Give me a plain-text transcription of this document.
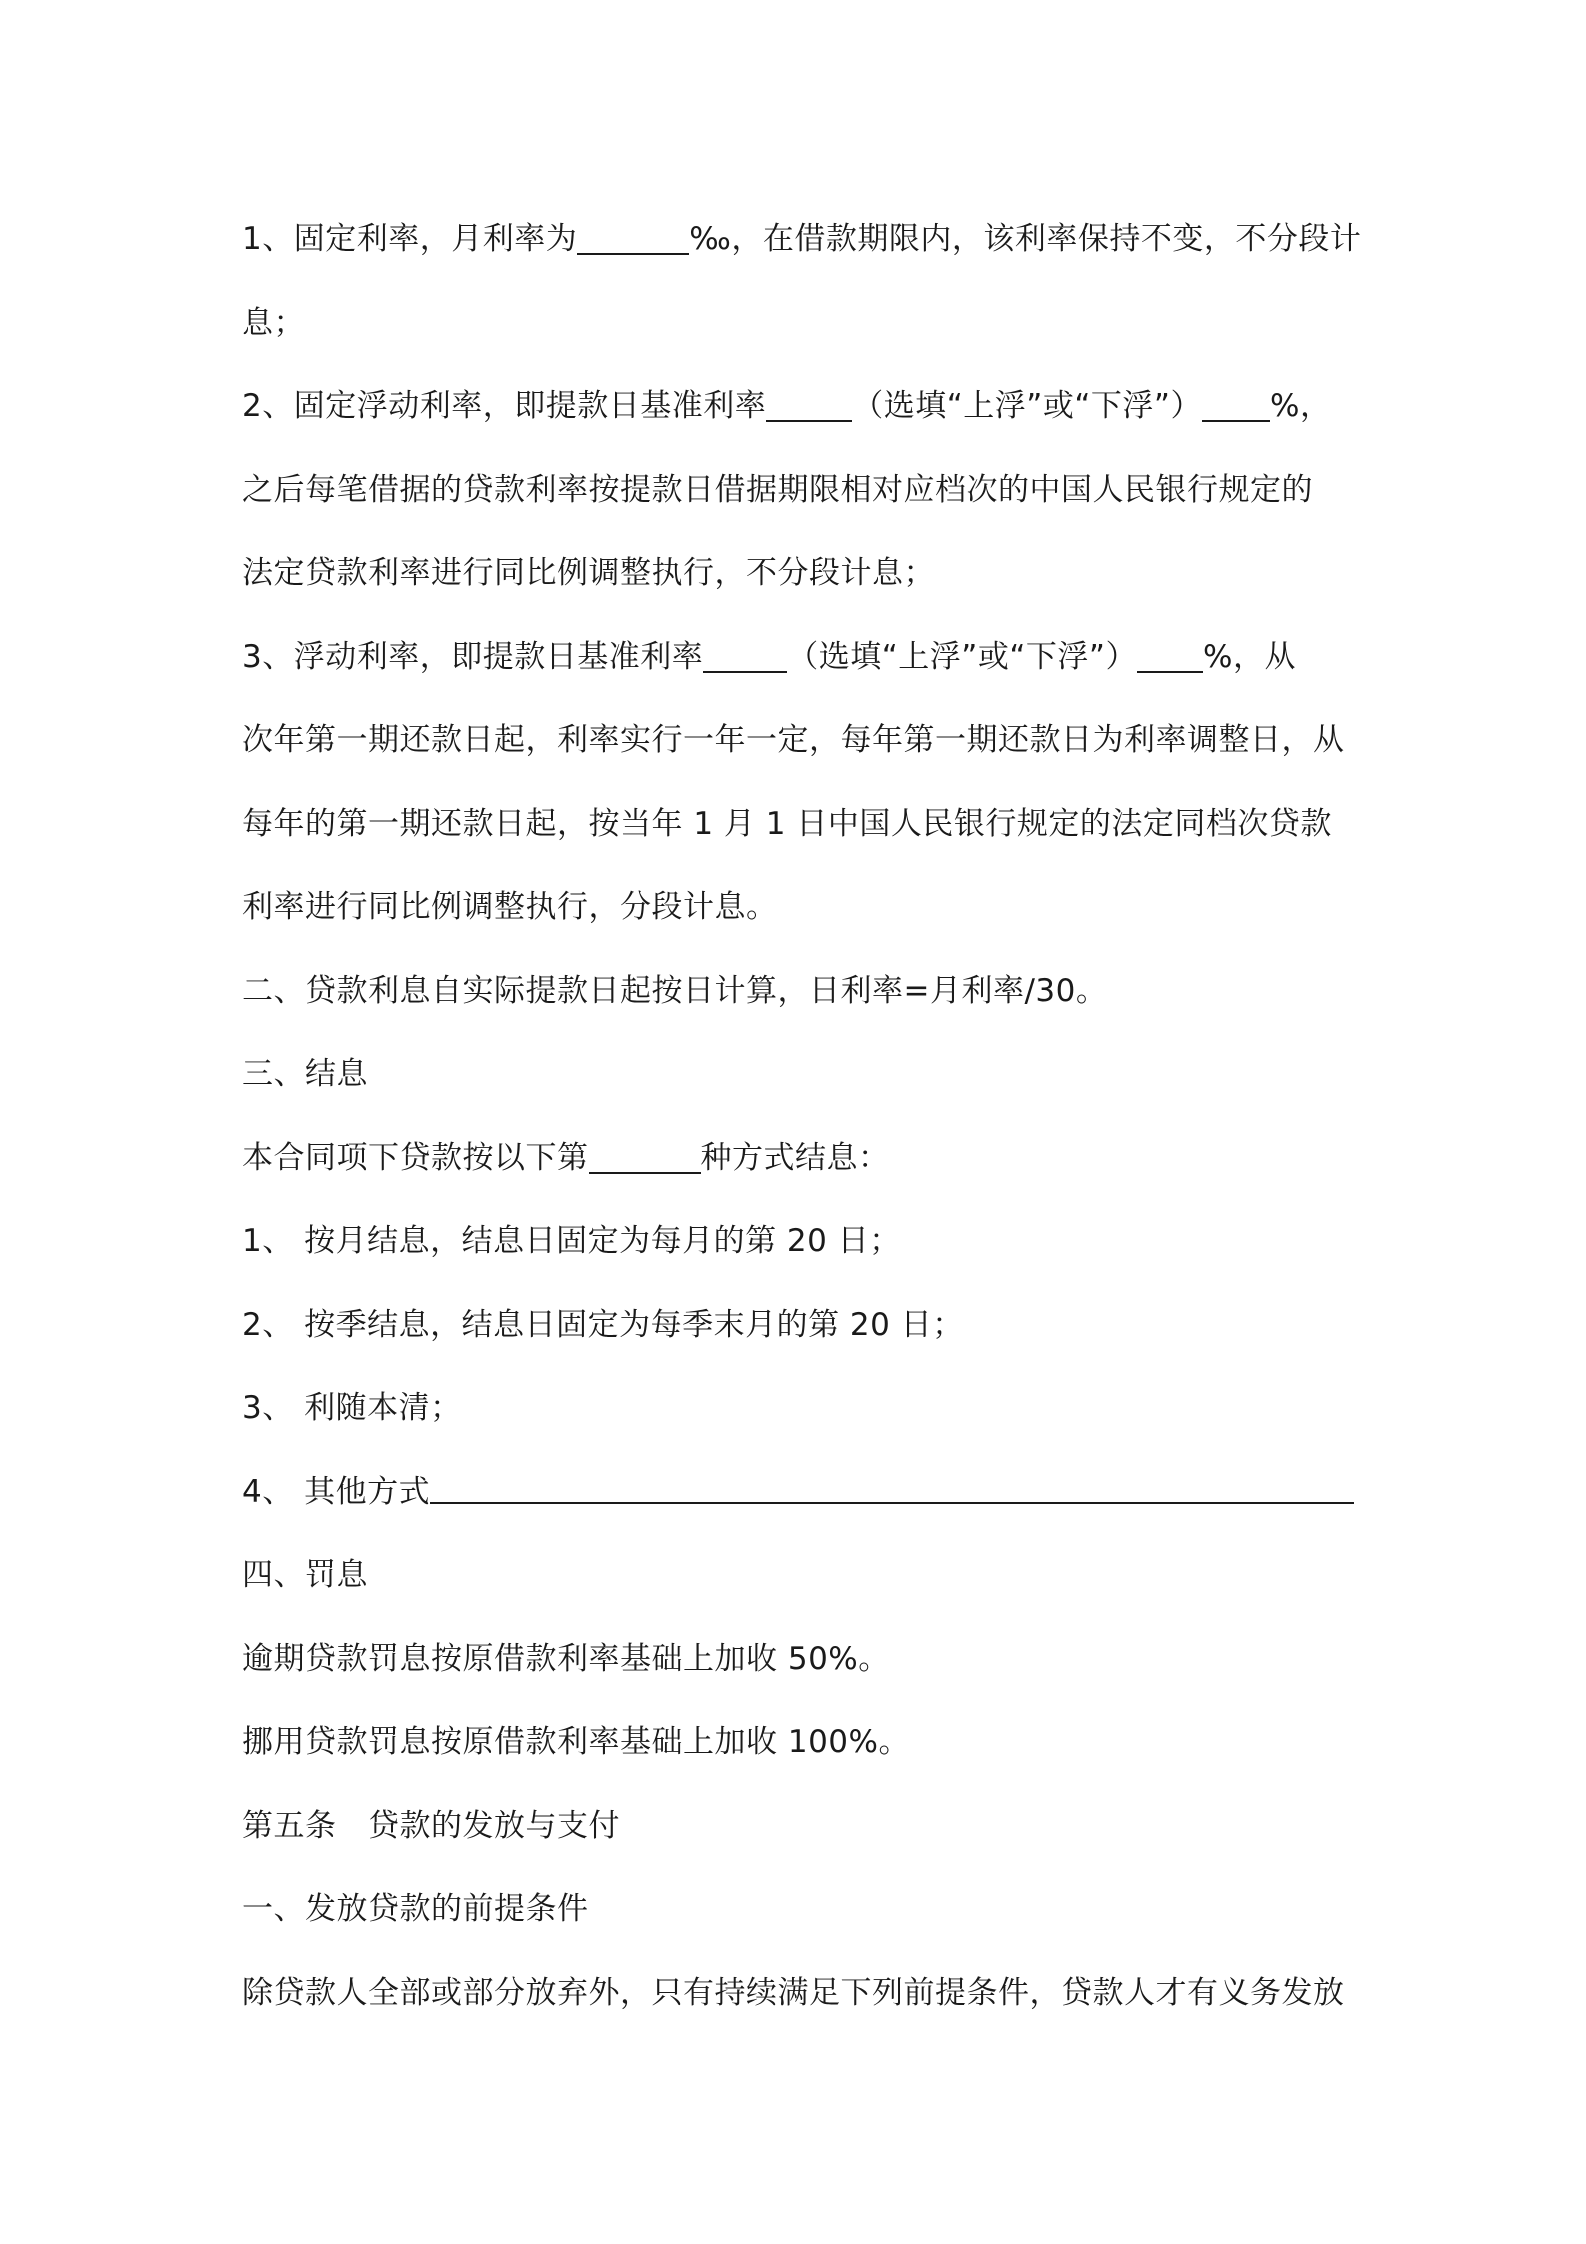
1、固定利率，月利率为	‰，在借款期限内，该利率保持不变，不分段计
息；
2、固定浮动利率，即提款日基准利率	（选填“上浮”或“下浮”） %，
之后每笔借据的贷款利率按提款日借据期限相对应档次的中国人民银行规定的
法定贷款利率进行同比例调整执行，不分段计息；
3、浮动利率，即提款日基准利率	（选填“上浮”或“下浮”） %，从
次年第一期还款日起，利率实行一年一定，每年第一期还款日为利率调整日，从
每年的第一期还款日起，按当年 1 月 1 日中国人民银行规定的法定同档次贷款
利率进行同比例调整执行，分段计息。
二、贷款利息自实际提款日起按日计算，日利率=月利率/30。
三、结息
本合同项下贷款按以下第	种方式结息：
1、 按月结息，结息日固定为每月的第 20 日；
2、 按季结息，结息日固定为每季末月的第 20 日；
3、 利随本清；
4、 其他方式
四、罚息
逾期贷款罚息按原借款利率基础上加收 50%。
挪用贷款罚息按原借款利率基础上加收 100%。
第五条　贷款的发放与支付
一、发放贷款的前提条件
除贷款人全部或部分放弃外，只有持续满足下列前提条件，贷款人才有义务发放
